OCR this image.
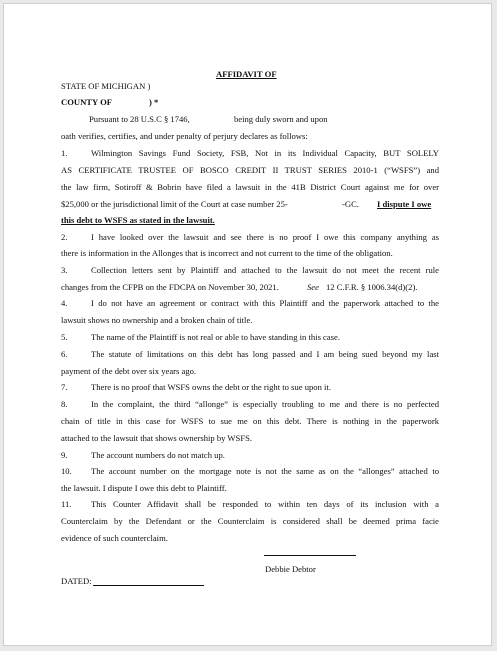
AFFIDAVIT OF
STATE OF MICHIGAN )
COUNTY OF	) *
Pursuant to 28 U.S.C § 1746,	being duly sworn and upon
oath verifies, certifies, and under penalty of perjury declares as follows:
1.	Wilmington Savings Fund Society, FSB, Not in its Individual Capacity, BUT SOLELY
AS CERTIFICATE TRUSTEE OF BOSCO CREDIT II TRUST SERIES 2010-1 (“WSFS”) and
the law firm, Sotiroff & Bobrin have filed a lawsuit in the 41B District Court against me for over
$25,000 or the jurisdictional limit of the Court at case number 25-	-GC. I dispute I owe
this debt to WSFS as stated in the lawsuit.
2.	I have looked over the lawsuit and see there is no proof I owe this company anything as
there is information in the Allonges that is incorrect and not current to the time of the obligation.
3.	Collection letters sent by Plaintiff and attached to the lawsuit do not meet the recent rule
changes from the CFPB on the FDCPA on November 30, 2021.	See 12 C.F.R. § 1006.34(d)(2).
4.	I do not have an agreement or contract with this Plaintiff and the paperwork attached to the
lawsuit shows no ownership and a broken chain of title.
5.	The name of the Plaintiff is not real or able to have standing in this case.
6.	The statute of limitations on this debt has long passed and I am being sued beyond my last
payment of the debt over six years ago.
7.	There is no proof that WSFS owns the debt or the right to sue upon it.
8.	In the complaint, the third “allonge” is especially troubling to me and there is no perfected
chain of title in this case for WSFS to sue me on this debt. There is nothing in the paperwork
attached to the lawsuit that shows ownership by WSFS.
9.	The account numbers do not match up.
10. The account number on the mortgage note is not the same as on the “allonges” attached to
the lawsuit. I dispute I owe this debt to Plaintiff.
11. This Counter Affidavit shall be responded to within ten days of its inclusion with a
Counterclaim by the Defendant or the Counterclaim is considered shall be deemed prima facie
evidence of such counterclaim.
Debbie Debtor
DATED:
